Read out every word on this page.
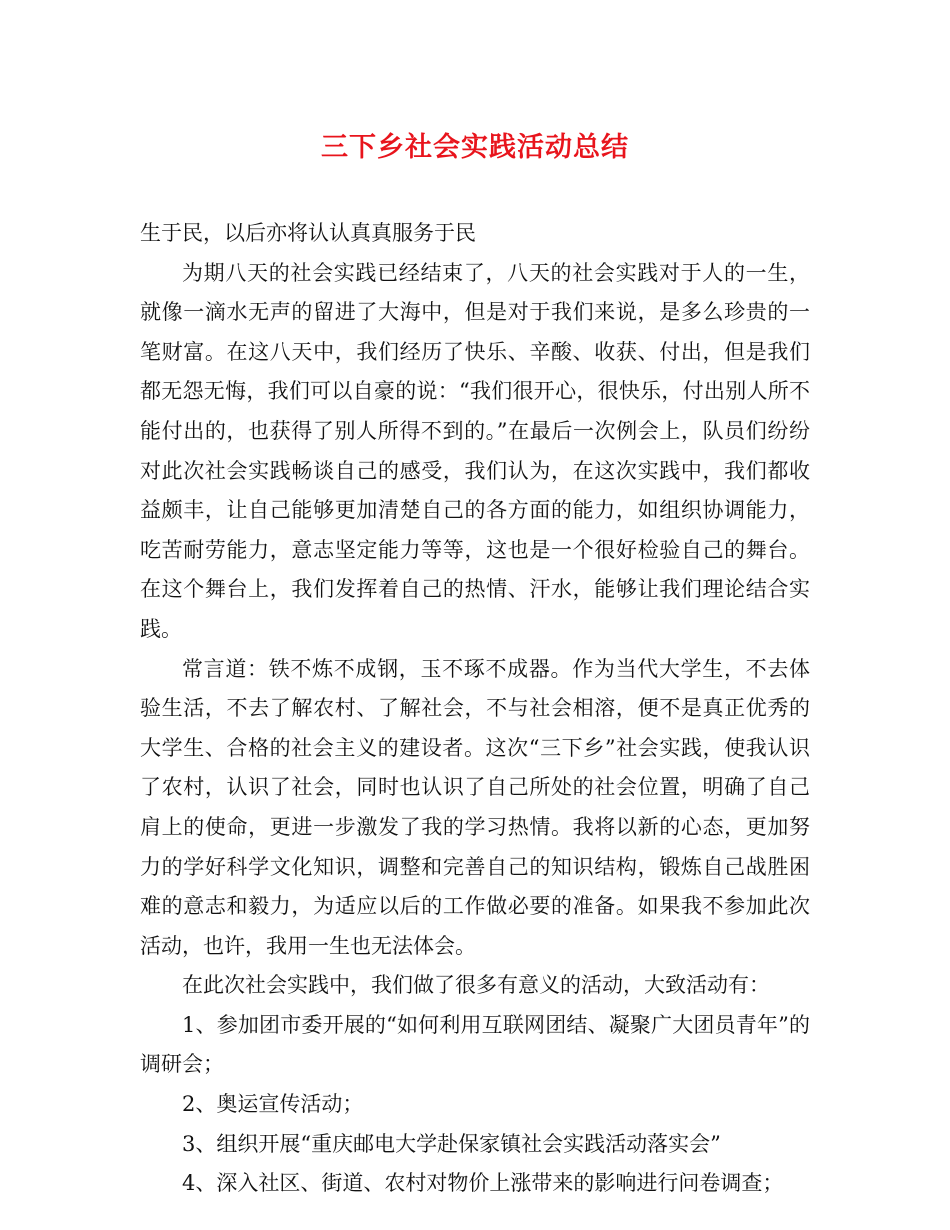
三下乡社会实践活动总结

生于民，以后亦将认认真真服务于民

为期八天的社会实践已经结束了，八天的社会实践对于人的一生，就像一滴水无声的留进了大海中，但是对于我们来说，是多么珍贵的一笔财富。在这八天中，我们经历了快乐、辛酸、收获、付出，但是我们都无怨无悔，我们可以自豪的说：“我们很开心，很快乐，付出别人所不能付出的，也获得了别人所得不到的。”在最后一次例会上，队员们纷纷对此次社会实践畅谈自己的感受，我们认为，在这次实践中，我们都收益颇丰，让自己能够更加清楚自己的各方面的能力，如组织协调能力，吃苦耐劳能力，意志坚定能力等等，这也是一个很好检验自己的舞台。在这个舞台上，我们发挥着自己的热情、汗水，能够让我们理论结合实践。

常言道：铁不炼不成钢，玉不琢不成器。作为当代大学生，不去体验生活，不去了解农村、了解社会，不与社会相溶，便不是真正优秀的大学生、合格的社会主义的建设者。这次“三下乡”社会实践，使我认识了农村，认识了社会，同时也认识了自己所处的社会位置，明确了自己肩上的使命，更进一步激发了我的学习热情。我将以新的心态，更加努力的学好科学文化知识，调整和完善自己的知识结构，锻炼自己战胜困难的意志和毅力，为适应以后的工作做必要的准备。如果我不参加此次活动，也许，我用一生也无法体会。

在此次社会实践中，我们做了很多有意义的活动，大致活动有：

1、参加团市委开展的“如何利用互联网团结、凝聚广大团员青年”的调研会；

2、奥运宣传活动；

3、组织开展“重庆邮电大学赴保家镇社会实践活动落实会”

4、深入社区、街道、农村对物价上涨带来的影响进行问卷调查；
